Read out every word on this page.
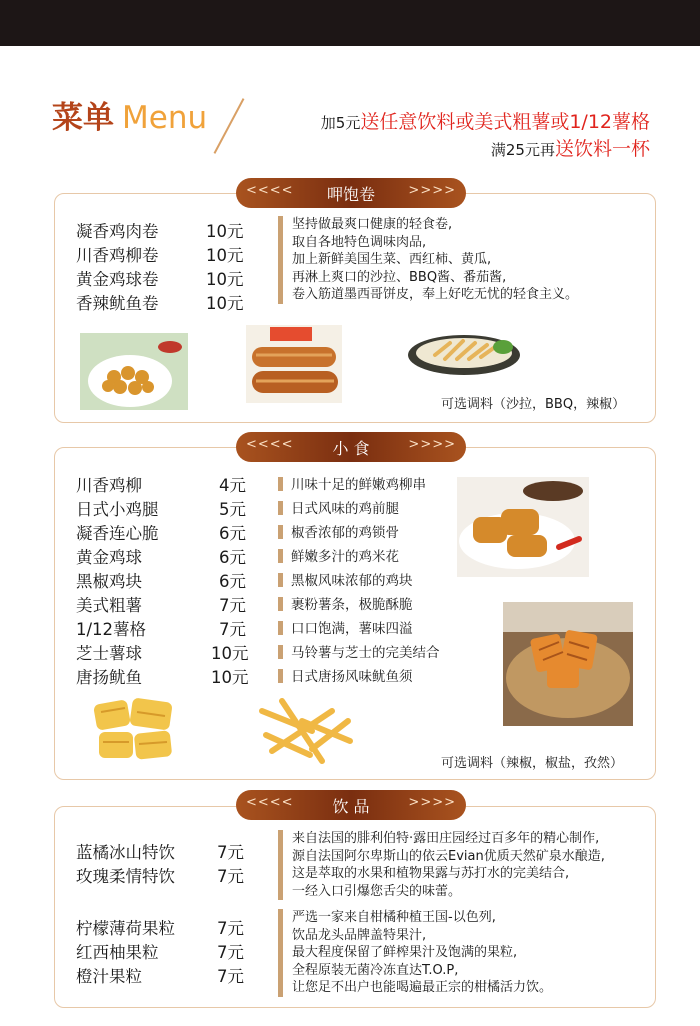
菜单 Menu	加5元送任意饮料或美式粗薯或1/12薯格
满25元再送饮料一杯
<<<<	呷饱卷	>>>>
凝香鸡肉卷	10元
川香鸡柳卷	10元
黄金鸡球卷	10元
香辣鱿鱼卷	10元
坚持做最爽口健康的轻食卷,
取自各地特色调味肉品,
加上新鲜美国生菜、西红柿、黄瓜,
再淋上爽口的沙拉、BBQ酱、番茄酱,
卷入筋道墨西哥饼皮，奉上好吃无忧的轻食主义。
可选调料（沙拉，BBQ，辣椒）
<<<<	小 食	>>>>
川香鸡柳	4元	川味十足的鲜嫩鸡柳串
日式小鸡腿	5元	日式风味的鸡前腿
凝香连心脆	6元	椒香浓郁的鸡锁骨
黄金鸡球	6元	鲜嫩多汁的鸡米花
黑椒鸡块	6元	黑椒风味浓郁的鸡块
美式粗薯	7元	裹粉薯条，极脆酥脆
1/12薯格	7元	口口饱满，薯味四溢
芝士薯球	10元	马铃薯与芝士的完美结合
唐扬鱿鱼	10元	日式唐扬风味鱿鱼须
可选调料（辣椒，椒盐，孜然）
<<<<	饮 品	>>>>
蓝橘冰山特饮	7元
玫瑰柔情特饮	7元
来自法国的腓利伯特·露田庄园经过百多年的精心制作,
源自法国阿尔卑斯山的依云Evian优质天然矿泉水酿造,
这是萃取的水果和植物果露与苏打水的完美结合,
一经入口引爆您舌尖的味蕾。
柠檬薄荷果粒	7元
红西柚果粒	7元
橙汁果粒	7元
严选一家来自柑橘种植王国-以色列,
饮品龙头品牌盖特果汁,
最大程度保留了鲜榨果汁及饱满的果粒,
全程原装无菌冷冻直达T.O.P,
让您足不出户也能喝遍最正宗的柑橘活力饮。
